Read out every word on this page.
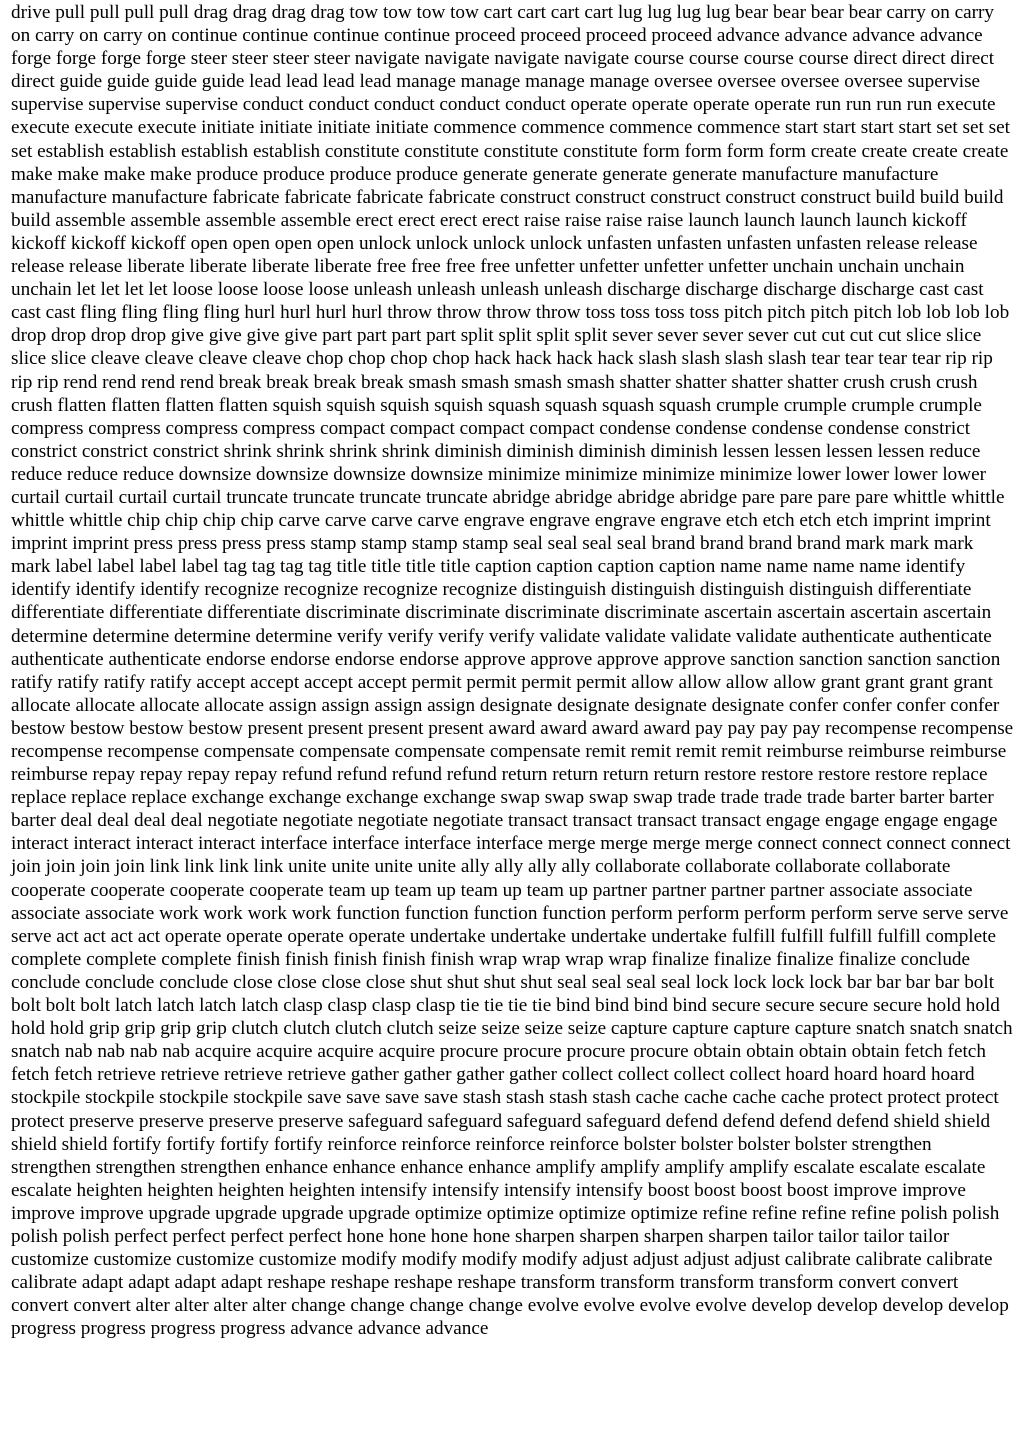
drive pull pull pull pull drag drag drag drag tow tow tow tow cart cart cart cart lug lug lug lug bear bear bear bear carry on carry on carry on carry on continue continue continue continue proceed proceed proceed proceed advance advance advance advance forge forge forge forge steer steer steer steer navigate navigate navigate navigate course course course course direct direct direct direct guide guide guide guide lead lead lead lead manage manage manage manage oversee oversee oversee oversee supervise supervise supervise supervise conduct conduct conduct conduct conduct operate operate operate operate run run run run execute execute execute execute initiate initiate initiate initiate commence commence commence commence start start start start set set set set establish establish establish establish constitute constitute constitute constitute form form form form create create create create make make make make produce produce produce produce generate generate generate generate manufacture manufacture manufacture manufacture fabricate fabricate fabricate fabricate construct construct construct construct construct build build build build assemble assemble assemble assemble erect erect erect erect raise raise raise raise launch launch launch launch kickoff kickoff kickoff kickoff open open open open unlock unlock unlock unlock unfasten unfasten unfasten unfasten release release release release liberate liberate liberate liberate free free free free unfetter unfetter unfetter unfetter unchain unchain unchain unchain let let let let loose loose loose loose unleash unleash unleash unleash discharge discharge discharge discharge cast cast cast cast fling fling fling fling hurl hurl hurl hurl throw throw throw throw toss toss toss toss pitch pitch pitch pitch lob lob lob lob drop drop drop drop give give give give part part part part split split split split sever sever sever sever cut cut cut cut slice slice slice slice cleave cleave cleave cleave chop chop chop chop hack hack hack hack slash slash slash slash tear tear tear tear rip rip rip rip rend rend rend rend break break break break smash smash smash smash shatter shatter shatter shatter crush crush crush crush flatten flatten flatten flatten squish squish squish squish squash squash squash squash crumple crumple crumple crumple compress compress compress compress compact compact compact compact condense condense condense condense constrict constrict constrict constrict shrink shrink shrink shrink diminish diminish diminish diminish lessen lessen lessen lessen reduce reduce reduce reduce downsize downsize downsize downsize minimize minimize minimize minimize lower lower lower lower curtail curtail curtail curtail truncate truncate truncate truncate abridge abridge abridge abridge pare pare pare pare whittle whittle whittle whittle chip chip chip chip carve carve carve carve engrave engrave engrave engrave etch etch etch etch imprint imprint imprint imprint press press press press stamp stamp stamp stamp seal seal seal seal brand brand brand brand mark mark mark mark label label label label tag tag tag tag title title title title caption caption caption caption name name name name identify identify identify identify recognize recognize recognize recognize distinguish distinguish distinguish distinguish differentiate differentiate differentiate differentiate discriminate discriminate discriminate discriminate ascertain ascertain ascertain ascertain determine determine determine determine verify verify verify verify validate validate validate validate authenticate authenticate authenticate authenticate endorse endorse endorse endorse approve approve approve approve sanction sanction sanction sanction ratify ratify ratify ratify accept accept accept accept permit permit permit permit allow allow allow allow grant grant grant grant allocate allocate allocate allocate assign assign assign assign designate designate designate designate confer confer confer confer bestow bestow bestow bestow present present present present award award award award pay pay pay pay recompense recompense recompense recompense compensate compensate compensate compensate remit remit remit remit reimburse reimburse reimburse reimburse repay repay repay repay refund refund refund refund return return return return restore restore restore restore replace replace replace replace exchange exchange exchange exchange swap swap swap swap trade trade trade trade barter barter barter barter deal deal deal deal negotiate negotiate negotiate negotiate transact transact transact transact engage engage engage engage interact interact interact interact interface interface interface interface merge merge merge merge connect connect connect connect join join join join link link link link unite unite unite unite ally ally ally ally collaborate collaborate collaborate collaborate cooperate cooperate cooperate cooperate team up team up team up team up partner partner partner partner associate associate associate associate work work work work function function function function perform perform perform perform serve serve serve serve act act act act operate operate operate operate undertake undertake undertake undertake fulfill fulfill fulfill fulfill complete complete complete complete finish finish finish finish finish wrap wrap wrap wrap finalize finalize finalize finalize conclude conclude conclude conclude close close close close shut shut shut shut seal seal seal seal lock lock lock lock bar bar bar bar bolt bolt bolt bolt latch latch latch latch clasp clasp clasp clasp tie tie tie tie bind bind bind bind secure secure secure secure hold hold hold hold grip grip grip grip clutch clutch clutch clutch seize seize seize seize capture capture capture capture snatch snatch snatch snatch nab nab nab nab acquire acquire acquire acquire procure procure procure procure obtain obtain obtain obtain fetch fetch fetch fetch retrieve retrieve retrieve retrieve gather gather gather gather collect collect collect collect hoard hoard hoard hoard stockpile stockpile stockpile stockpile save save save save stash stash stash stash cache cache cache cache protect protect protect protect preserve preserve preserve preserve safeguard safeguard safeguard safeguard defend defend defend defend shield shield shield shield fortify fortify fortify fortify reinforce reinforce reinforce reinforce bolster bolster bolster bolster strengthen strengthen strengthen strengthen enhance enhance enhance enhance amplify amplify amplify amplify escalate escalate escalate escalate heighten heighten heighten heighten intensify intensify intensify intensify boost boost boost boost improve improve improve improve upgrade upgrade upgrade upgrade optimize optimize optimize optimize refine refine refine refine polish polish polish polish perfect perfect perfect perfect hone hone hone hone sharpen sharpen sharpen sharpen tailor tailor tailor tailor customize customize customize customize modify modify modify modify adjust adjust adjust adjust calibrate calibrate calibrate calibrate adapt adapt adapt adapt reshape reshape reshape reshape transform transform transform transform convert convert convert convert alter alter alter alter change change change change evolve evolve evolve evolve develop develop develop develop progress progress progress progress advance advance advance
